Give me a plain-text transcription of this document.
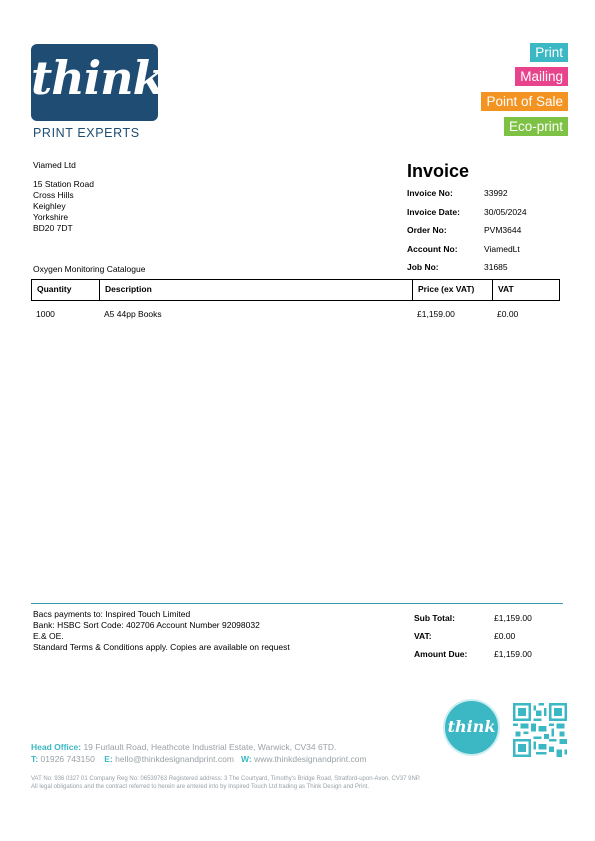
think
PRINT EXPERTS
Print
Mailing
Point of Sale
Eco-print
Viamed Ltd
15 Station Road
Cross Hills
Keighley
Yorkshire
BD20 7DT
Oxygen Monitoring Catalogue
Invoice
Invoice No:	33992
Invoice Date:	30/05/2024
Order No:	PVM3644
Account No:	ViamedLt
Job No:	31685
Quantity	Description	Price (ex VAT)	VAT
1000	A5 44pp Books	£1,159.00	£0.00
Bacs payments to: Inspired Touch Limited
Bank: HSBC Sort Code: 402706 Account Number 92098032
E.& OE.
Standard Terms & Conditions apply. Copies are available on request
Sub Total:	£1,159.00
VAT:	£0.00
Amount Due:	£1,159.00
think
Head Office: 19 Furlault Road, Heathcote Industrial Estate, Warwick, CV34 6TD.
T: 01926 743150 E: hello@thinkdesignandprint.com W: www.thinkdesignandprint.com
VAT No: 936 0327 01 Company Reg No: 06539763 Registered address: 3 The Courtyard, Timothy's Bridge Road, Stratford-upon-Avon, CV37 9NP.
All legal obligations and the contract referred to herein are entered into by Inspired Touch Ltd trading as Think Design and Print.
